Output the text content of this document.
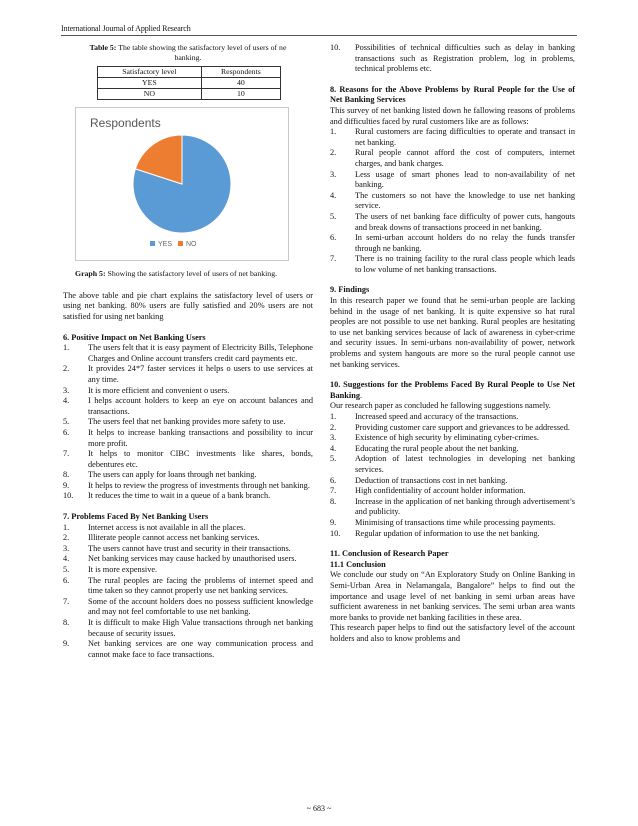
International Journal of Applied Research
Table 5: The table showing the satisfactory level of users of ne banking.
Satisfactory level	Respondents
YES	40
NO	10
Respondents
YES NO
Graph 5: Showing the satisfactory level of users of net banking.
The above table and pie chart explains the satisfactory level of users or using net banking. 80% users are fully satisfied and 20% users are not satisfied for using net banking
6. Positive Impact on Net Banking Users
1. The users felt that it is easy payment of Electricity Bills, Telephone Charges and Online account transfers credit card payments etc.
2. It provides 24*7 faster services it helps o users to use services at any time.
3. It is more efficient and convenient o users.
4. I helps account holders to keep an eye on account balances and transactions.
5. The users feel that net banking provides more safety to use.
6. It helps to increase banking transactions and possibility to incur more profit.
7. It helps to monitor CIBC investments like shares, bonds, debentures etc.
8. The users can apply for loans through net banking.
9. It helps to review the progress of investments through net banking.
10. It reduces the time to wait in a queue of a bank branch.
7. Problems Faced By Net Banking Users
1. Internet access is not available in all the places.
2. Illiterate people cannot access net banking services.
3. The users cannot have trust and security in their transactions.
4. Net banking services may cause hacked by unauthorised users.
5. It is more expensive.
6. The rural peoples are facing the problems of internet speed and time taken so they cannot properly use net banking services.
7. Some of the account holders does no possess sufficient knowledge and may not feel comfortable to use net banking.
8. It is difficult to make High Value transactions through net banking because of security issues.
9. Net banking services are one way communication process and cannot make face to face transactions.
10. Possibilities of technical difficulties such as delay in banking transactions such as Registration problem, log in problems, technical problems etc.
8. Reasons for the Above Problems by Rural People for the Use of Net Banking Services
This survey of net banking listed down he fallowing reasons of problems and difficulties faced by rural customers like are as follows:
1. Rural customers are facing difficulties to operate and transact in net banking.
2. Rural people cannot afford the cost of computers, internet charges, and bank charges.
3. Less usage of smart phones lead to non-availability of net banking.
4. The customers so not have the knowledge to use net banking service.
5. The users of net banking face difficulty of power cuts, hangouts and break downs of transactions proceed in net banking.
6. In semi-urban account holders do no relay the funds transfer through ne banking.
7. There is no training facility to the rural class people which leads to low volume of net banking transactions.
9. Findings
In this research paper we found that he semi-urban people are lacking behind in the usage of net banking. It is quite expensive so hat rural peoples are not possible to use net banking. Rural peoples are hesitating to use net banking services because of lack of awareness in cyber-crime and security issues. In semi-urbans non-availability of power, network problems and system hangouts are more so the rural people cannot use net banking services.
10. Suggestions for the Problems Faced By Rural People to Use Net Banking.
Our research paper as concluded he fallowing suggestions namely.
1. Increased speed and accuracy of the transactions.
2. Providing customer care support and grievances to be addressed.
3. Existence of high security by eliminating cyber-crimes.
4. Educating the rural people about the net banking.
5. Adoption of latest technologies in developing net banking services.
6. Deduction of transactions cost in net banking.
7. High confidentiality of account holder information.
8. Increase in the application of net banking through advertisement’s and publicity.
9. Minimising of transactions time while processing payments.
10. Regular updation of information to use the net banking.
11. Conclusion of Research Paper
11.1 Conclusion
We conclude our study on “An Exploratory Study on Online Banking in Semi-Urban Area in Nelamangala, Bangalore” helps to find out the importance and usage level of net banking in semi urban areas have sufficient awareness in net banking services. The semi urban area wants more banks to provide net banking facilities in these area.
This research paper helps to find out the satisfactory level of the account holders and also to know problems and
~ 683 ~
